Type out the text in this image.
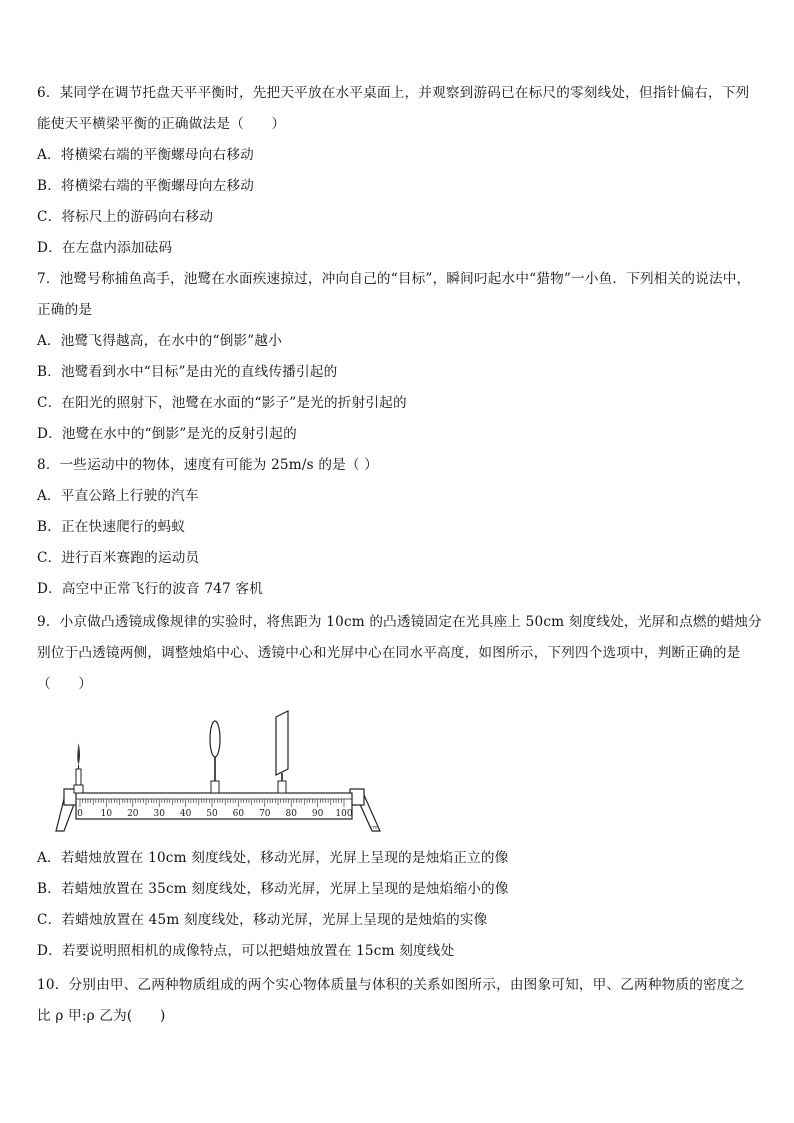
6．某同学在调节托盘天平平衡时，先把天平放在水平桌面上，并观察到游码已在标尺的零刻线处，但指针偏右，下列
能使天平横梁平衡的正确做法是（　　）
A．将横梁右端的平衡螺母向右移动
B．将横梁右端的平衡螺母向左移动
C．将标尺上的游码向右移动
D．在左盘内添加砝码
7．池鹭号称捕鱼高手，池鹭在水面疾速掠过，冲向自己的“目标”，瞬间叼起水中“猎物”一小鱼．下列相关的说法中，
正确的是
A．池鹭飞得越高，在水中的“倒影”越小
B．池鹭看到水中“目标”是由光的直线传播引起的
C．在阳光的照射下，池鹭在水面的“影子”是光的折射引起的
D．池鹭在水中的“倒影”是光的反射引起的
8．一些运动中的物体，速度有可能为 25m/s 的是（ ）
A．平直公路上行驶的汽车
B．正在快速爬行的蚂蚁
C．进行百米赛跑的运动员
D．高空中正常飞行的波音 747 客机
9．小京做凸透镜成像规律的实验时，将焦距为 10cm 的凸透镜固定在光具座上 50cm 刻度线处，光屏和点燃的蜡烛分
别位于凸透镜两侧，调整烛焰中心、透镜中心和光屏中心在同水平高度，如图所示，下列四个选项中，判断正确的是
（　　）
A．若蜡烛放置在 10cm 刻度线处，移动光屏，光屏上呈现的是烛焰正立的像
B．若蜡烛放置在 35cm 刻度线处，移动光屏，光屏上呈现的是烛焰缩小的像
C．若蜡烛放置在 45m 刻度线处，移动光屏，光屏上呈现的是烛焰的实像
D．若要说明照相机的成像特点，可以把蜡烛放置在 15cm 刻度线处
10．分别由甲、乙两种物质组成的两个实心物体质量与体积的关系如图所示，由图象可知，甲、乙两种物质的密度之
比 ρ 甲:ρ 乙为(　　)
0 10 20 30 40 50 60 70 80 90 100
cm
